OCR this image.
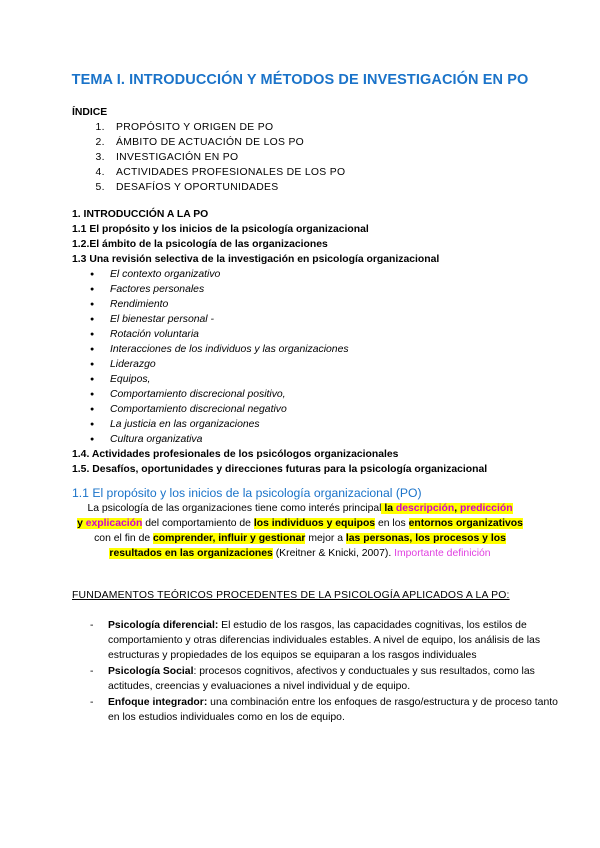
TEMA I. INTRODUCCIÓN Y MÉTODOS DE INVESTIGACIÓN EN PO
ÍNDICE
1. PROPÓSITO Y ORIGEN DE PO
2. ÁMBITO DE ACTUACIÓN DE LOS PO
3. INVESTIGACIÓN EN PO
4. ACTIVIDADES PROFESIONALES DE LOS PO
5. DESAFÍOS Y OPORTUNIDADES
1. INTRODUCCIÓN A LA PO
1.1 El propósito y los inicios de la psicología organizacional
1.2.El ámbito de la psicología de las organizaciones
1.3 Una revisión selectiva de la investigación en psicología organizacional
● El contexto organizativo
● Factores personales
● Rendimiento
● El bienestar personal -
● Rotación voluntaria
● Interacciones de los individuos y las organizaciones
● Liderazgo
● Equipos,
● Comportamiento discrecional positivo,
● Comportamiento discrecional negativo
● La justicia en las organizaciones
● Cultura organizativa
1.4. Actividades profesionales de los psicólogos organizacionales
1.5. Desafíos, oportunidades y direcciones futuras para la psicología organizacional
1.1 El propósito y los inicios de la psicología organizacional (PO)
La psicología de las organizaciones tiene como interés principal la descripción, predicción
y explicación del comportamiento de los individuos y equipos en los entornos organizativos con el fin de comprender, influir y gestionar mejor a las personas, los procesos y los resultados en las organizaciones (Kreitner & Knicki, 2007). Importante definición
FUNDAMENTOS TEÓRICOS PROCEDENTES DE LA PSICOLOGÍA APLICADOS A LA PO:
- Psicología diferencial: El estudio de los rasgos, las capacidades cognitivas, los estilos de comportamiento y otras diferencias individuales estables. A nivel de equipo, los análisis de las estructuras y propiedades de los equipos se equiparan a los rasgos individuales
- Psicología Social: procesos cognitivos, afectivos y conductuales y sus resultados, como las actitudes, creencias y evaluaciones a nivel individual y de equipo.
- Enfoque integrador: una combinación entre los enfoques de rasgo/estructura y de proceso tanto en los estudios individuales como en los de equipo.
